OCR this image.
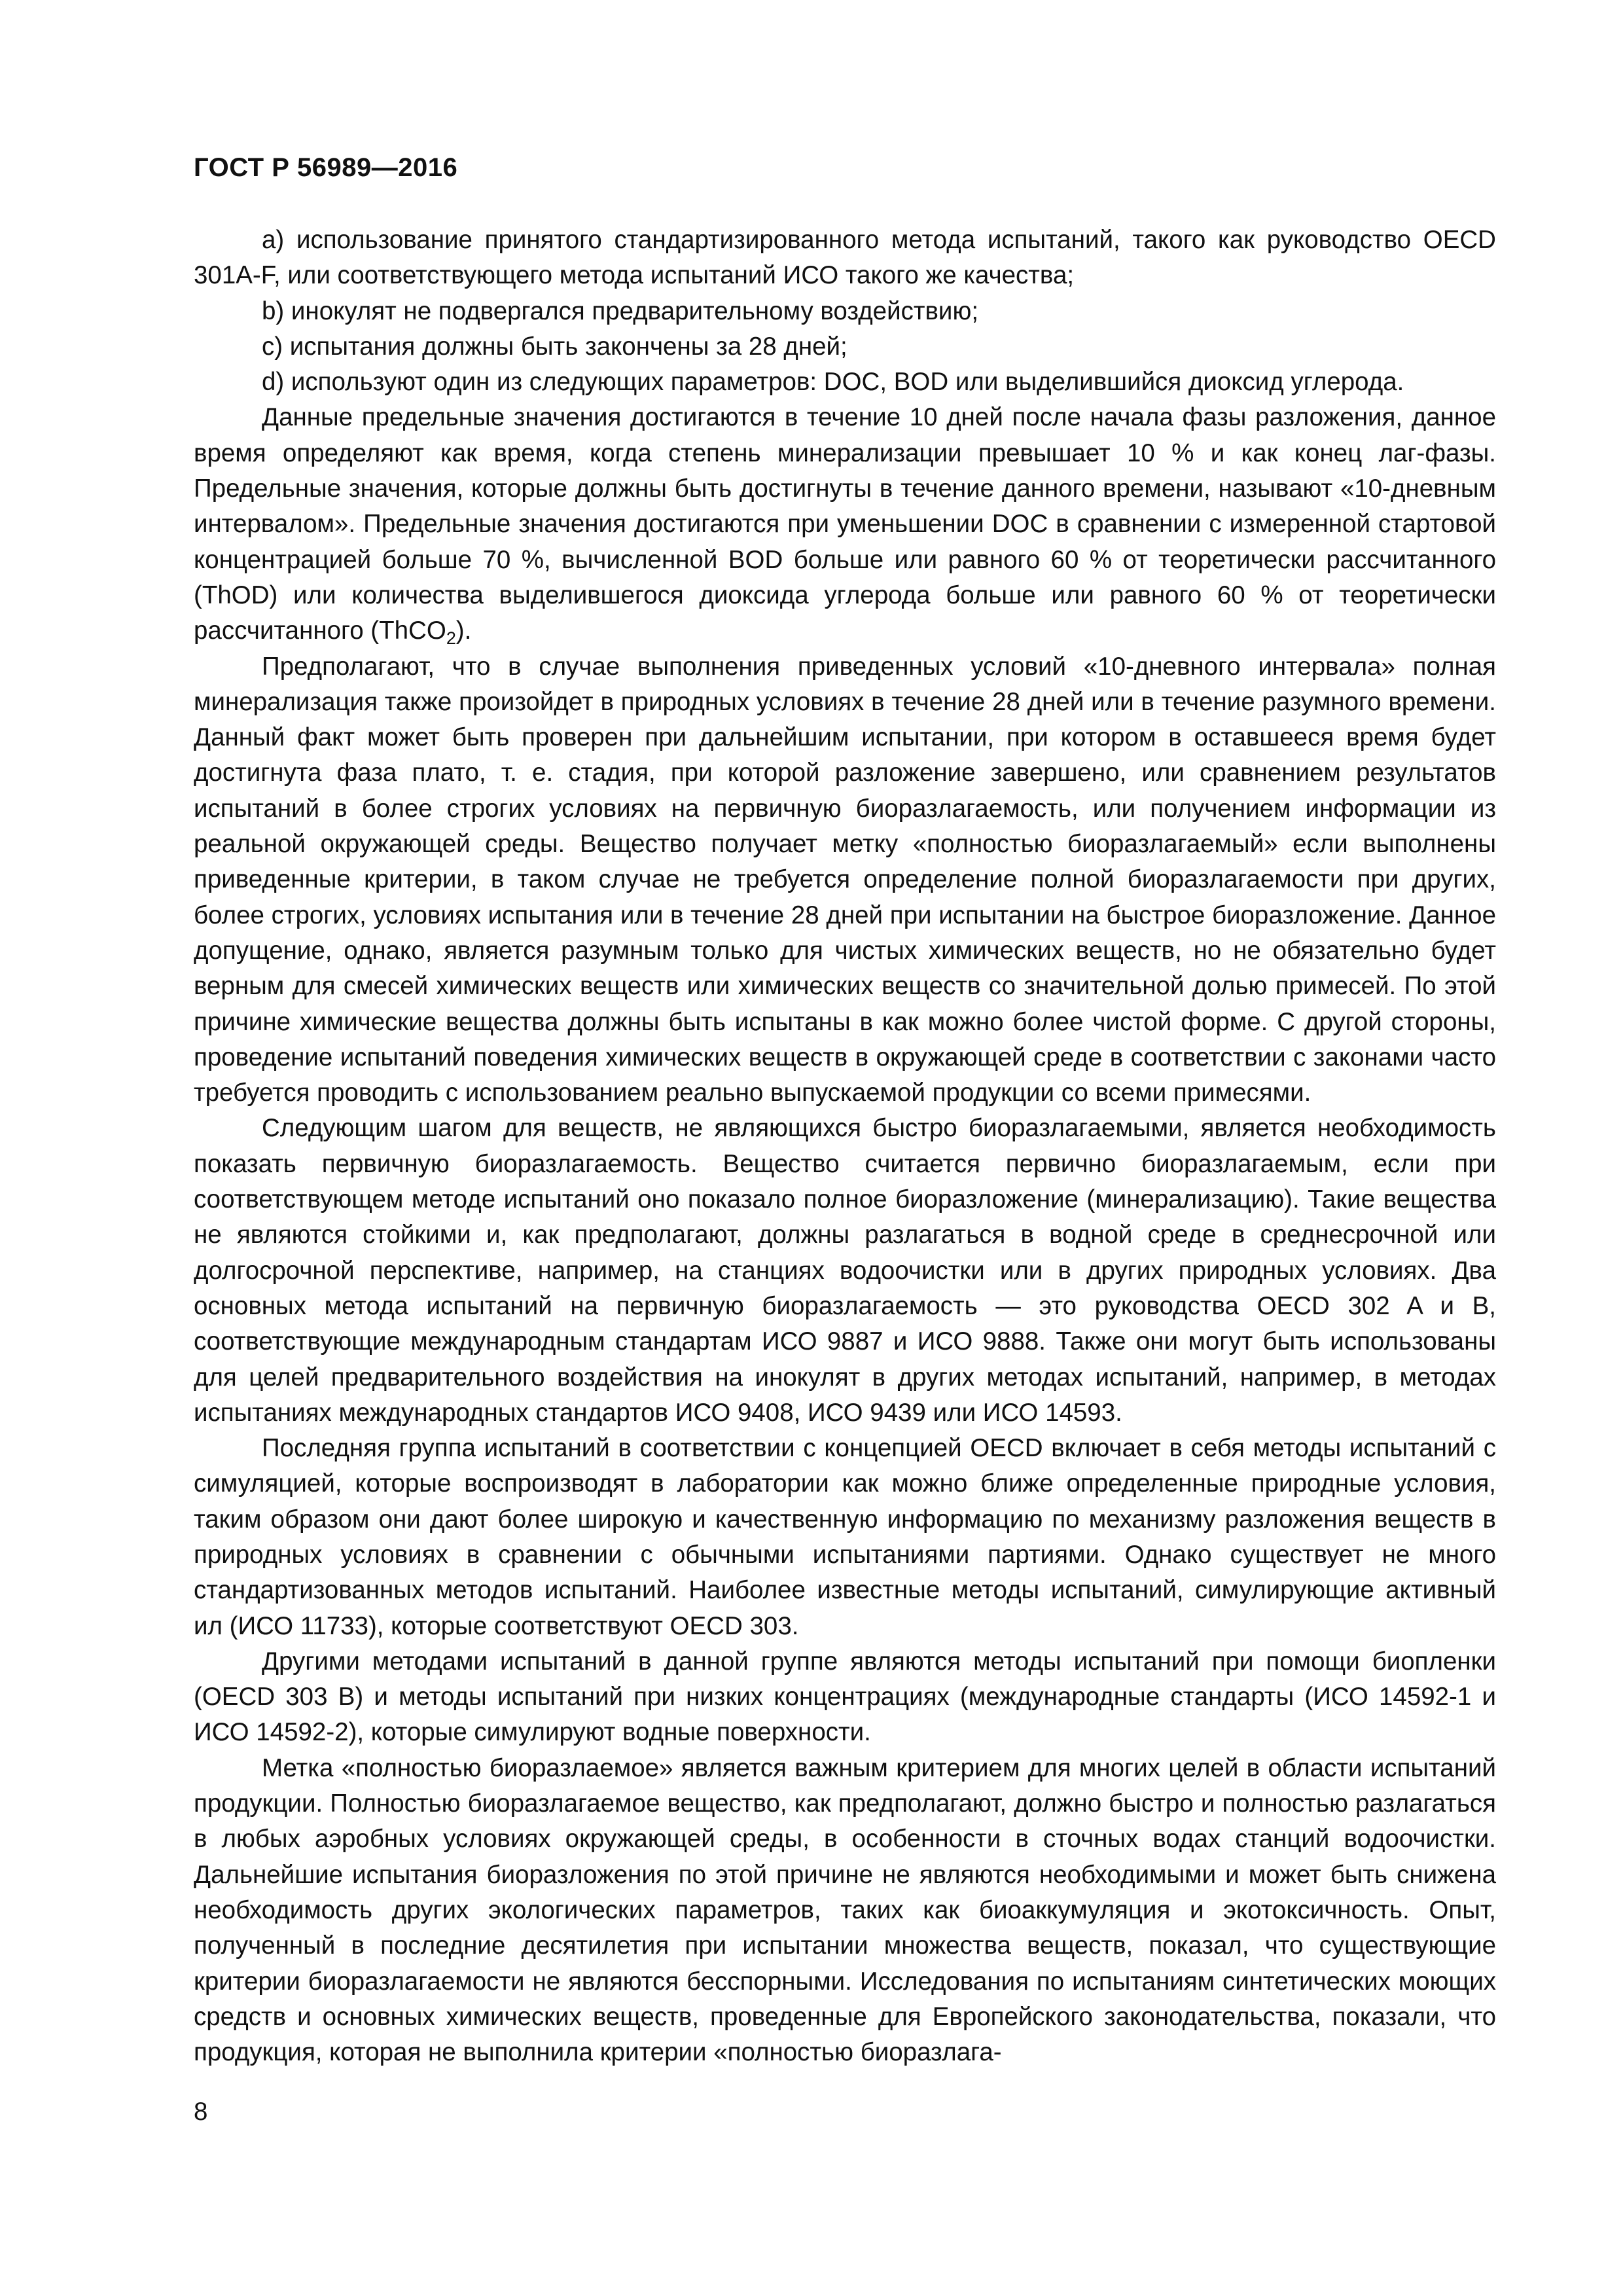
ГОСТ Р 56989—2016

a) использование принятого стандартизированного метода испытаний, такого как руководство OECD 301A-F, или соответствующего метода испытаний ИСО такого же качества;

b) инокулят не подвергался предварительному воздействию;

c) испытания должны быть закончены за 28 дней;

d) используют один из следующих параметров: DOC, BOD или выделившийся диоксид углерода.

Данные предельные значения достигаются в течение 10 дней после начала фазы разложения, данное время определяют как время, когда степень минерализации превышает 10 % и как конец лаг-фазы. Предельные значения, которые должны быть достигнуты в течение данного времени, называют «10-дневным интервалом». Предельные значения достигаются при уменьшении DOC в сравнении с измеренной стартовой концентрацией больше 70 %, вычисленной BOD больше или равного 60 % от теоретически рассчитанного (ThOD) или количества выделившегося диоксида углерода больше или равного 60 % от теоретически рассчитанного (ThCO$_2$).

Предполагают, что в случае выполнения приведенных условий «10-дневного интервала» полная минерализация также произойдет в природных условиях в течение 28 дней или в течение разумного времени. Данный факт может быть проверен при дальнейшим испытании, при котором в оставшееся время будет достигнута фаза плато, т. е. стадия, при которой разложение завершено, или сравнением результатов испытаний в более строгих условиях на первичную биоразлагаемость, или получением информации из реальной окружающей среды. Вещество получает метку «полностью биоразлагаемый» если выполнены приведенные критерии, в таком случае не требуется определение полной биоразлагаемости при других, более строгих, условиях испытания или в течение 28 дней при испытании на быстрое биоразложение. Данное допущение, однако, является разумным только для чистых химических веществ, но не обязательно будет верным для смесей химических веществ или химических веществ со значительной долью примесей. По этой причине химические вещества должны быть испытаны в как можно более чистой форме. С другой стороны, проведение испытаний поведения химических веществ в окружающей среде в соответствии с законами часто требуется проводить с использованием реально выпускаемой продукции со всеми примесями.

Следующим шагом для веществ, не являющихся быстро биоразлагаемыми, является необходимость показать первичную биоразлагаемость. Вещество считается первично биоразлагаемым, если при соответствующем методе испытаний оно показало полное биоразложение (минерализацию). Такие вещества не являются стойкими и, как предполагают, должны разлагаться в водной среде в среднесрочной или долгосрочной перспективе, например, на станциях водоочистки или в других природных условиях. Два основных метода испытаний на первичную биоразлагаемость — это руководства OECD 302 A и B, соответствующие международным стандартам ИСО 9887 и ИСО 9888. Также они могут быть использованы для целей предварительного воздействия на инокулят в других методах испытаний, например, в методах испытаниях международных стандартов ИСО 9408, ИСО 9439 или ИСО 14593.

Последняя группа испытаний в соответствии с концепцией OECD включает в себя методы испытаний с симуляцией, которые воспроизводят в лаборатории как можно ближе определенные природные условия, таким образом они дают более широкую и качественную информацию по механизму разложения веществ в природных условиях в сравнении с обычными испытаниями партиями. Однако существует не много стандартизованных методов испытаний. Наиболее известные методы испытаний, симулирующие активный ил (ИСО 11733), которые соответствуют OECD 303.

Другими методами испытаний в данной группе являются методы испытаний при помощи биопленки (OECD 303 B) и методы испытаний при низких концентрациях (международные стандарты (ИСО 14592-1 и ИСО 14592-2), которые симулируют водные поверхности.

Метка «полностью биоразлаемое» является важным критерием для многих целей в области испытаний продукции. Полностью биоразлагаемое вещество, как предполагают, должно быстро и полностью разлагаться в любых аэробных условиях окружающей среды, в особенности в сточных водах станций водоочистки. Дальнейшие испытания биоразложения по этой причине не являются необходимыми и может быть снижена необходимость других экологических параметров, таких как биоаккумуляция и экотоксичность. Опыт, полученный в последние десятилетия при испытании множества веществ, показал, что существующие критерии биоразлагаемости не являются бесспорными. Исследования по испытаниям синтетических моющих средств и основных химических веществ, проведенные для Европейского законодательства, показали, что продукция, которая не выполнила критерии «полностью биоразлага-

8
